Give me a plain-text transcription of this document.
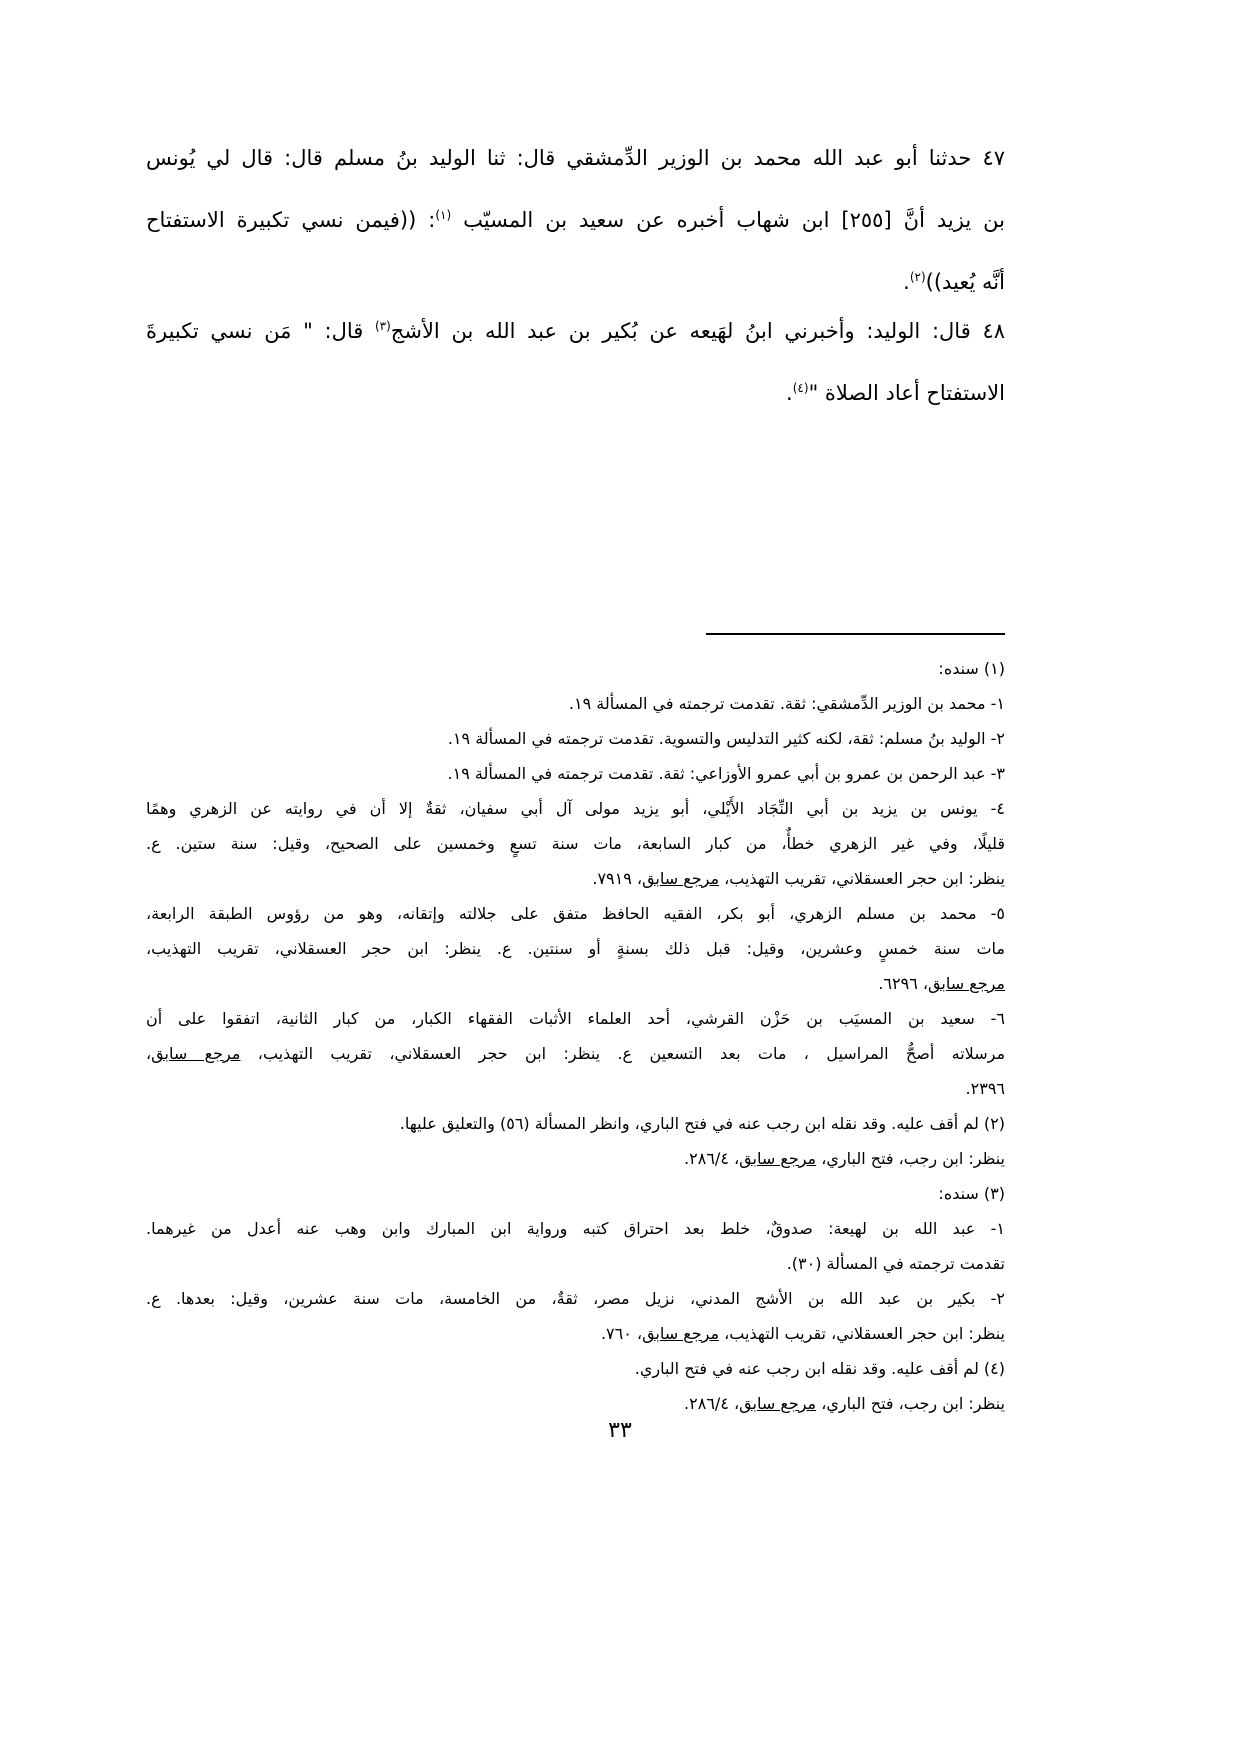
٤٧ حدثنا أبو عبد الله محمد بن الوزير الدِّمشقي قال: ثنا الوليد بنُ مسلم قال: قال لي يُونس
بن يزيد أنَّ [٢٥٥] ابن شهاب أخبره عن سعيد بن المسيّب $^{(١)}$: ((فيمن نسي تكبيرة الاستفتاح
أنَّه يُعيد))$^{(٢)}$.
٤٨ قال: الوليد: وأخبرني ابنُ لهَيعه عن بُكير بن عبد الله بن الأشج$^{(٣)}$ قال: " مَن نسي تكبيرةَ
الاستفتاح أعاد الصلاة "$^{(٤)}$.
(١) سنده:
١- محمد بن الوزير الدِّمشقي: ثقة. تقدمت ترجمته في المسألة ١٩.
٢- الوليد بنُ مسلم: ثقة، لكنه كثير التدليس والتسوية. تقدمت ترجمته في المسألة ١٩.
٣- عبد الرحمن بن عمرو بن أبي عمرو الأوزاعي: ثقة. تقدمت ترجمته في المسألة ١٩.
٤- يونس بن يزيد بن أبي النِّجَاد الأَيْلي، أبو يزيد مولى آل أبي سفيان، ثقةٌ إلا أن في روايته عن الزهري وهمًا
قليلًا، وفي غير الزهري خطأٌ، من كبار السابعة، مات سنة تسعٍ وخمسين على الصحيح، وقيل: سنة ستين. ع.
ينظر: ابن حجر العسقلاني، تقريب التهذيب، مرجع سابق، ٧٩١٩.
٥- محمد بن مسلم الزهري، أبو بكر، الفقيه الحافظ متفق على جلالته وإتقانه، وهو من رؤوس الطبقة الرابعة،
مات سنة خمسٍ وعشرين، وقيل: قبل ذلك بسنةٍ أو سنتين. ع. ينظر: ابن حجر العسقلاني، تقريب التهذيب،
مرجع سابق، ٦٢٩٦.
٦- سعيد بن المسيَب بن حَزْن القرشي، أحد العلماء الأثبات الفقهاء الكبار، من كبار الثانية، اتفقوا على أن
مرسلاته أصحُّ المراسيل ، مات بعد التسعين ع. ينظر: ابن حجر العسقلاني، تقريب التهذيب، مرجع سابق،
٢٣٩٦.
(٢) لم أقف عليه. وقد نقله ابن رجب عنه في فتح الباري، وانظر المسألة (٥٦) والتعليق عليها.
ينظر: ابن رجب، فتح الباري، مرجع سابق، ٢٨٦/٤.
(٣) سنده:
١- عبد الله بن لهيعة: صدوقٌ، خلط بعد احتراق كتبه ورواية ابن المبارك وابن وهب عنه أعدل من غيرهما.
تقدمت ترجمته في المسألة (٣٠).
٢- بكير بن عبد الله بن الأشج المدني، نزيل مصر، ثقةٌ، من الخامسة، مات سنة عشرين، وقيل: بعدها. ع.
ينظر: ابن حجر العسقلاني، تقريب التهذيب، مرجع سابق، ٧٦٠.
(٤) لم أقف عليه. وقد نقله ابن رجب عنه في فتح الباري.
ينظر: ابن رجب، فتح الباري، مرجع سابق، ٢٨٦/٤.
٣٣
